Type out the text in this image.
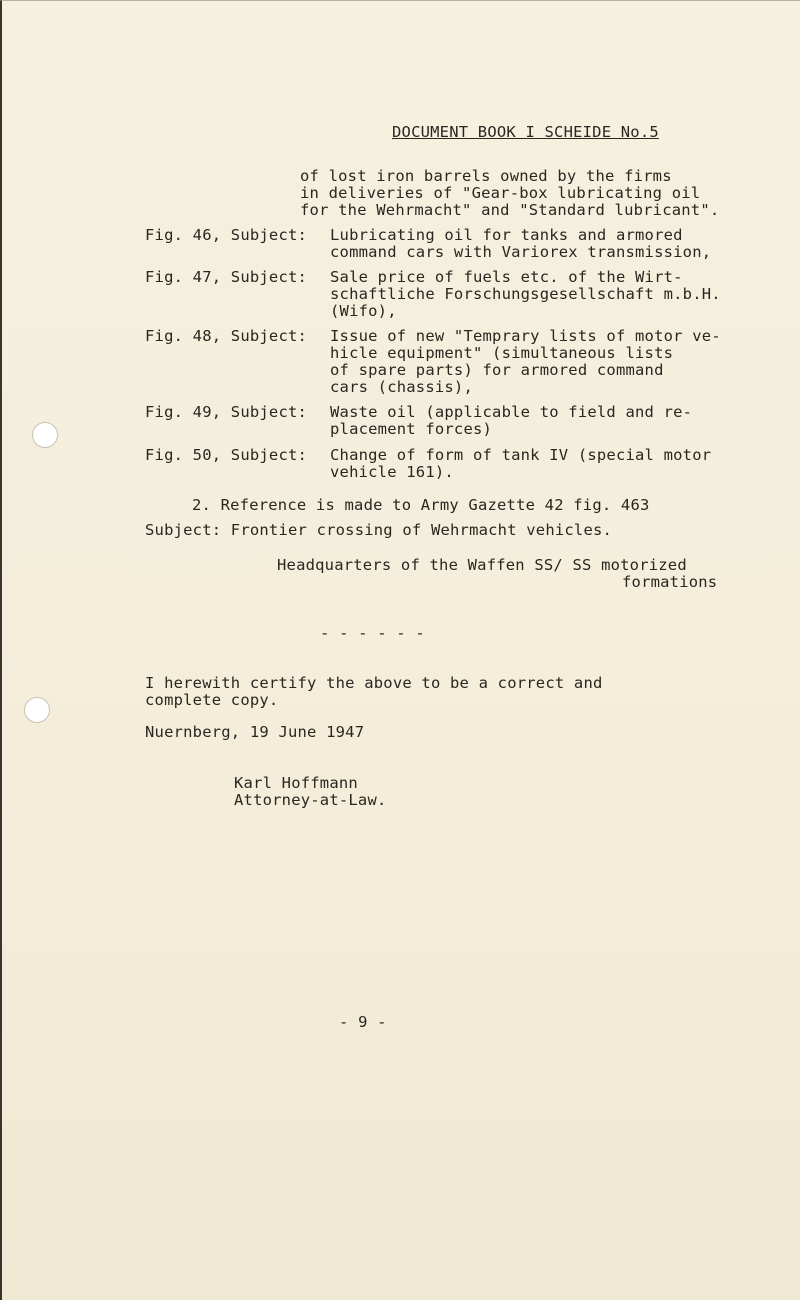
DOCUMENT BOOK I SCHEIDE No.5
of lost iron barrels owned by the firms
in deliveries of "Gear-box lubricating oil
for the Wehrmacht" and "Standard lubricant".
Fig. 46, Subject: Lubricating oil for tanks and armored
command cars with Variorex transmission,
Fig. 47, Subject: Sale price of fuels etc. of the Wirt-
schaftliche Forschungsgesellschaft m.b.H.
(Wifo),
Fig. 48, Subject: Issue of new "Temprary lists of motor ve-
hicle equipment" (simultaneous lists
of spare parts) for armored command
cars (chassis),
Fig. 49, Subject: Waste oil (applicable to field and re-
placement forces)
Fig. 50, Subject: Change of form of tank IV (special motor
vehicle 161).
2. Reference is made to Army Gazette 42 fig. 463
Subject: Frontier crossing of Wehrmacht vehicles.
Headquarters of the Waffen SS/ SS motorized
formations
- - - - - -
I herewith certify the above to be a correct and
complete copy.
Nuernberg, 19 June 1947
Karl Hoffmann
Attorney-at-Law.
- 9 -
